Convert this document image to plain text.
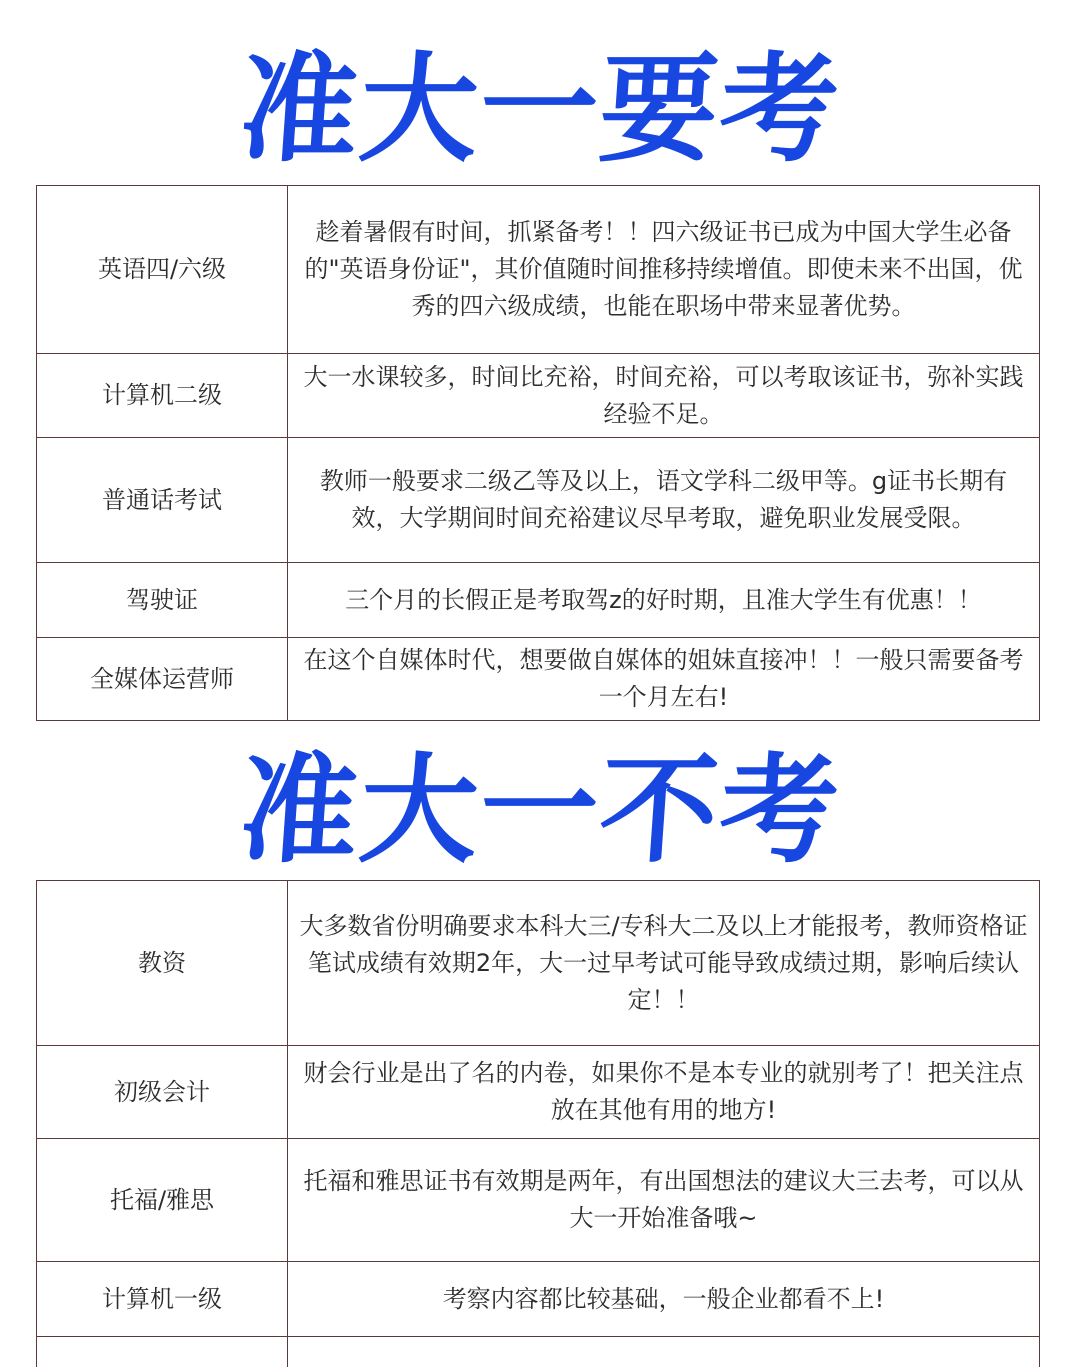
准大一要考
英语四/六级	趁着暑假有时间，抓紧备考！！四六级证书已成为中国大学生必备的"英语身份证"，其价值随时间推移持续增值。即使未来不出国，优秀的四六级成绩，也能在职场中带来显著优势。
计算机二级	大一水课较多，时间比充裕，时间充裕，可以考取该证书，弥补实践经验不足。
普通话考试	教师一般要求二级乙等及以上，语文学科二级甲等。g证书长期有效，大学期间时间充裕建议尽早考取，避免职业发展受限。
驾驶证	三个月的长假正是考取驾z的好时期，且准大学生有优惠！！
全媒体运营师	在这个自媒体时代，想要做自媒体的姐妹直接冲！！一般只需要备考一个月左右!
准大一不考
教资	大多数省份明确要求本科大三/专科大二及以上才能报考，教师资格证笔试成绩有效期2年，大一过早考试可能导致成绩过期，影响后续认定！！
初级会计	财会行业是出了名的内卷，如果你不是本专业的就别考了！把关注点放在其他有用的地方!
托福/雅思	托福和雅思证书有效期是两年，有出国想法的建议大三去考，可以从大一开始准备哦~
计算机一级	考察内容都比较基础，一般企业都看不上!
